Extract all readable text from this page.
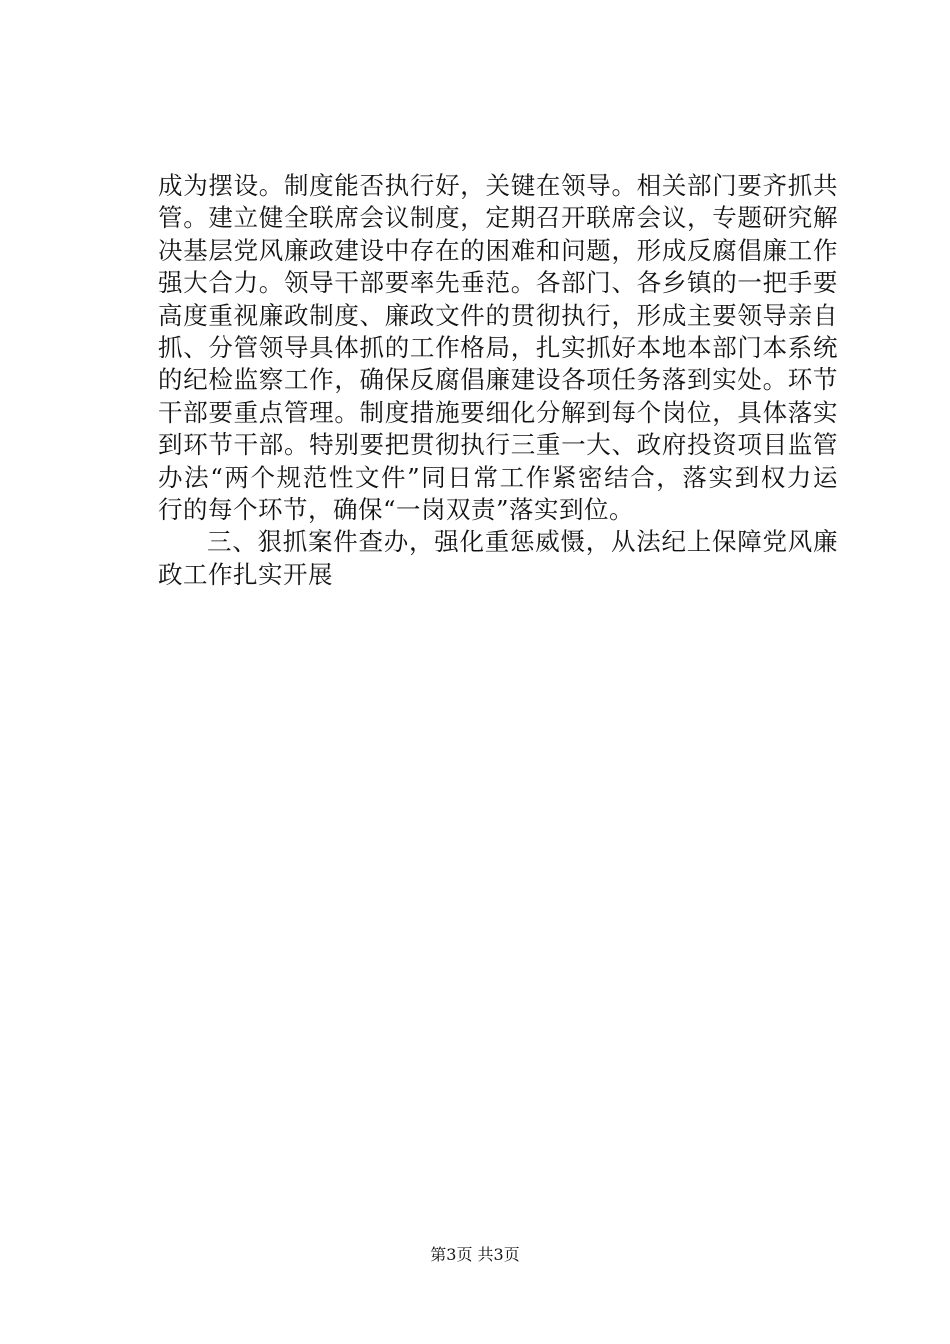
成为摆设。制度能否执行好，关键在领导。相关部门要齐抓共
管。建立健全联席会议制度，定期召开联席会议，专题研究解
决基层党风廉政建设中存在的困难和问题，形成反腐倡廉工作
强大合力。领导干部要率先垂范。各部门、各乡镇的一把手要
高度重视廉政制度、廉政文件的贯彻执行，形成主要领导亲自
抓、分管领导具体抓的工作格局，扎实抓好本地本部门本系统
的纪检监察工作，确保反腐倡廉建设各项任务落到实处。环节
干部要重点管理。制度措施要细化分解到每个岗位，具体落实
到环节干部。特别要把贯彻执行三重一大、政府投资项目监管
办法“两个规范性文件”同日常工作紧密结合，落实到权力运
行的每个环节，确保“一岗双责”落实到位。
三、狠抓案件查办，强化重惩威慑，从法纪上保障党风廉
政工作扎实开展
第3页 共3页
